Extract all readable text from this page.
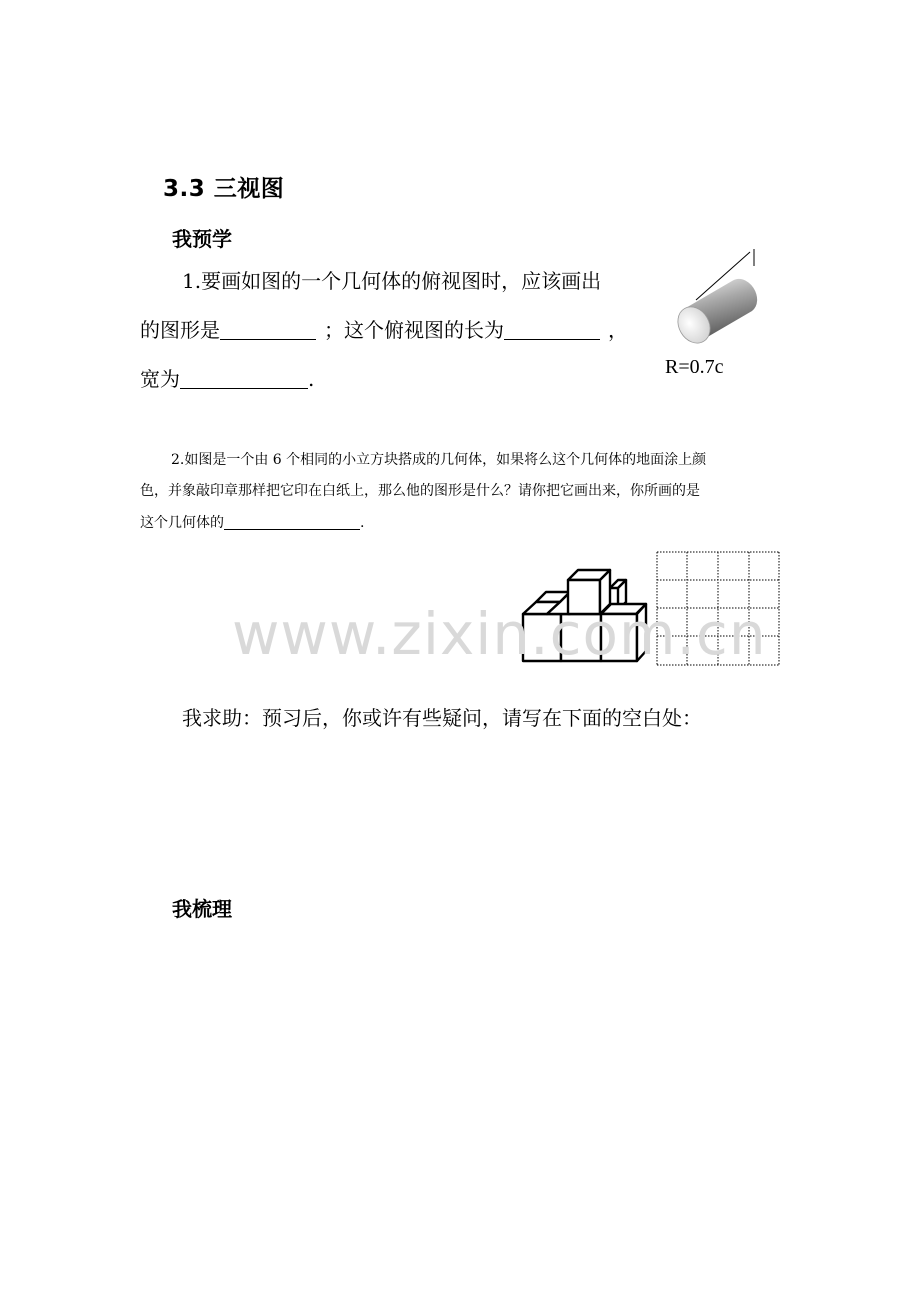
3.3 三视图
我预学
1.要画如图的一个几何体的俯视图时，应该画出
的图形是	；这个俯视图的长为	，
宽为	.	R=0.7c
2.如图是一个由 6 个相同的小立方块搭成的几何体，如果将么这个几何体的地面涂上颜
色，并象敲印章那样把它印在白纸上，那么他的图形是什么？请你把它画出来，你所画的是
这个几何体的	.
www.zixin.com.cn
我求助：预习后，你或许有些疑问，请写在下面的空白处：
我梳理
